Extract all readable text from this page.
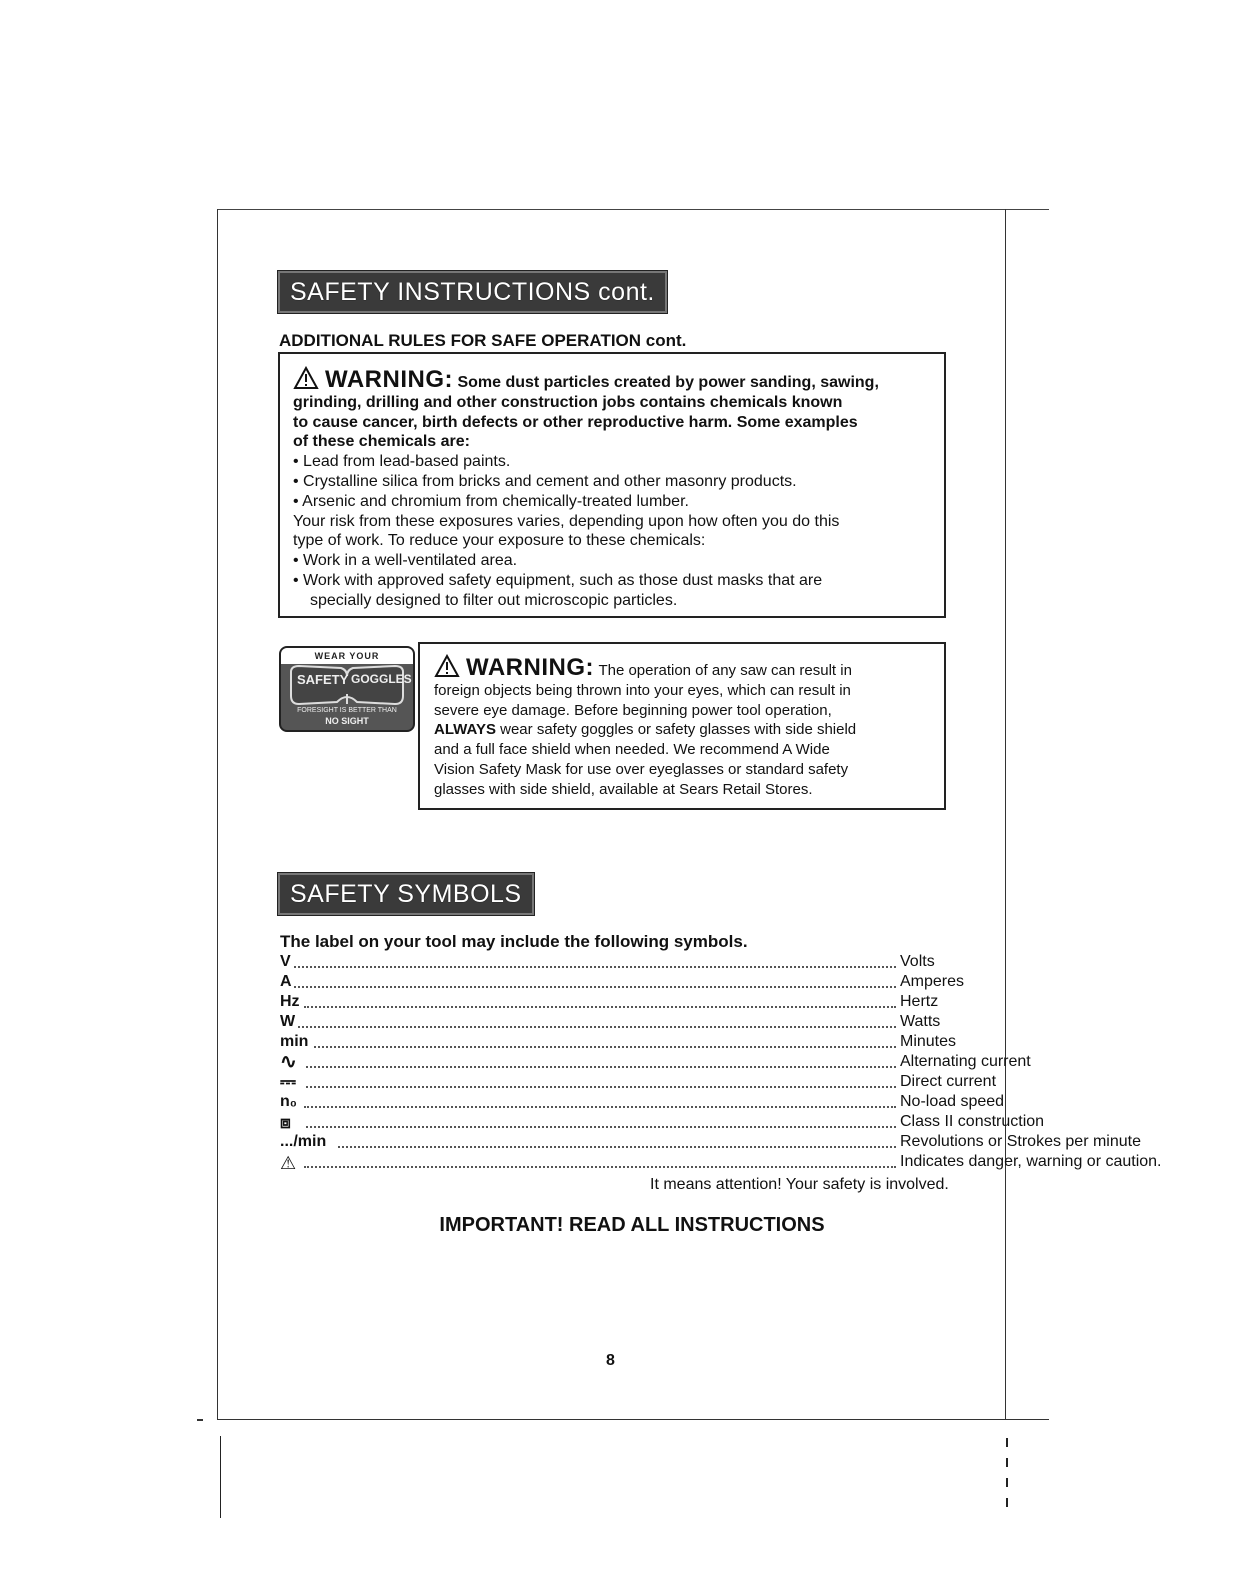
SAFETY INSTRUCTIONS cont.
ADDITIONAL RULES FOR SAFE OPERATION cont.
WARNING: Some dust particles created by power sanding, sawing,
grinding, drilling and other construction jobs contains chemicals known
to cause cancer, birth defects or other reproductive harm. Some examples
of these chemicals are:
• Lead from lead-based paints.
• Crystalline silica from bricks and cement and other masonry products.
• Arsenic and chromium from chemically-treated lumber.
Your risk from these exposures varies, depending upon how often you do this
type of work. To reduce your exposure to these chemicals:
• Work in a well-ventilated area.
• Work with approved safety equipment, such as those dust masks that are
specially designed to filter out microscopic particles.
WEAR YOUR
SAFETY GOGGLES
FORESIGHT IS BETTER THAN
NO SIGHT
WARNING: The operation of any saw can result in
foreign objects being thrown into your eyes, which can result in
severe eye damage. Before beginning power tool operation,
ALWAYS wear safety goggles or safety glasses with side shield
and a full face shield when needed. We recommend A Wide
Vision Safety Mask for use over eyeglasses or standard safety
glasses with side shield, available at Sears Retail Stores.
SAFETY SYMBOLS
The label on your tool may include the following symbols.
V	Volts
A	Amperes
Hz	Hertz
W	Watts
min	Minutes
∿	Alternating current
⎓	Direct current
n₀	No-load speed
⧈	Class II construction
.../min	Revolutions or Strokes per minute
⚠	Indicates danger, warning or caution.
It means attention! Your safety is involved.
IMPORTANT! READ ALL INSTRUCTIONS
8
